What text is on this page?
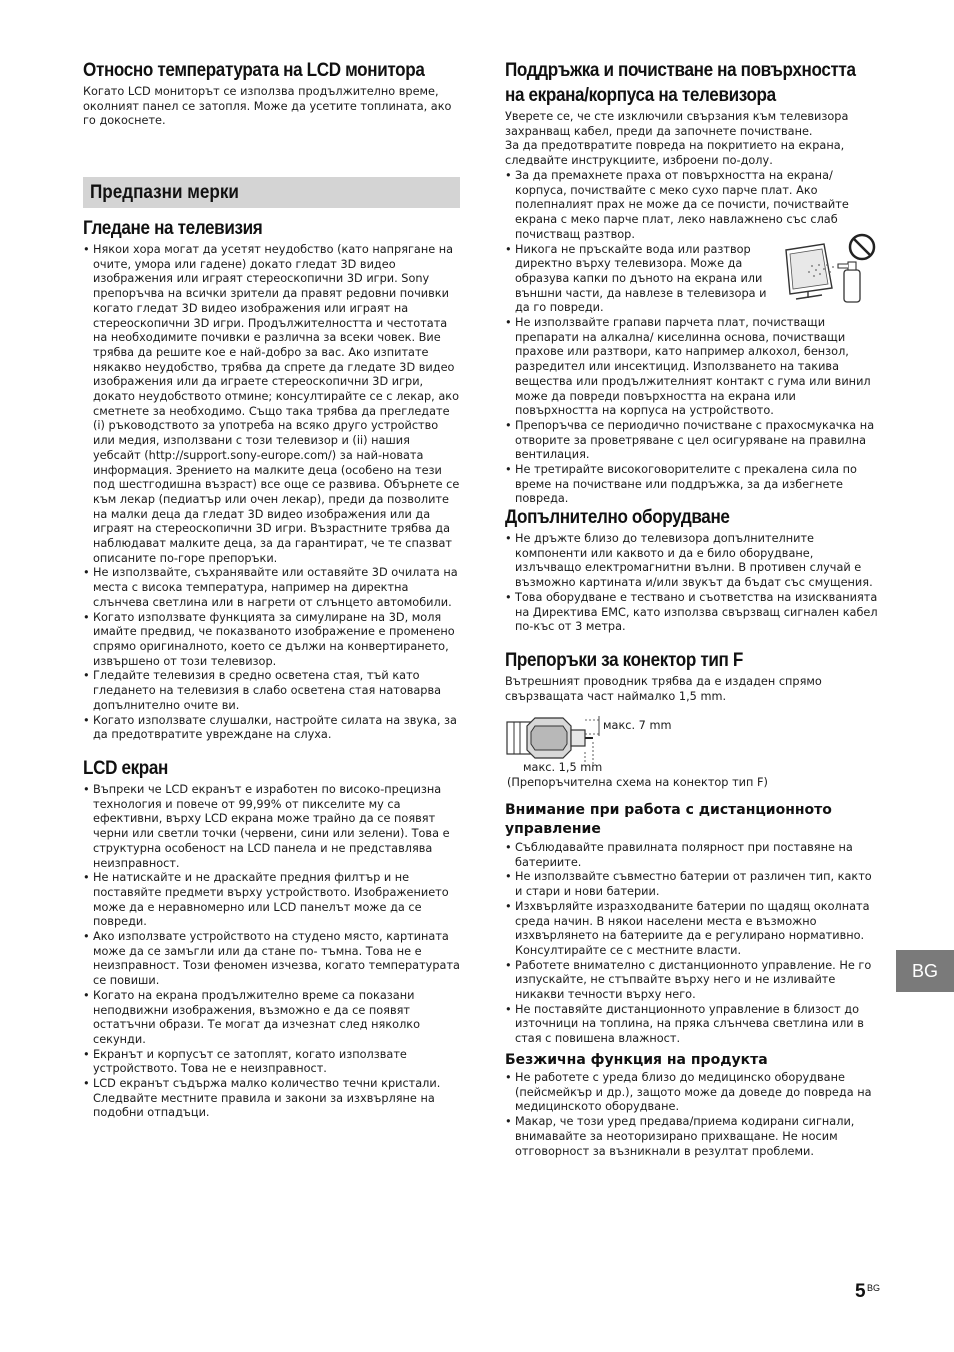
Относно температурата на LCD монитора

Когато LCD мониторът се използва продължително време, околният панел се затопля. Може да усетите топлината, ако го докоснете.

Предпазни мерки
Гледане на телевизия
• Някои хора могат да усетят неудобство (като напрягане на очите, умора или гадене) докато гледат 3D видео изображения или играят стереоскопични 3D игри. Sony препоръчва на всички зрители да правят редовни почивки когато гледат 3D видео изображения или играят на стереоскопични 3D игри. Продължителността и честотата на необходимите почивки е различна за всеки човек. Вие трябва да решите кое е най-добро за вас. Ако изпитате някакво неудобство, трябва да спрете да гледате 3D видео изображения или да играете стереоскопични 3D игри, докато неудобството отмине; консултирайте се с лекар, ако сметнете за необходимо. Също така трябва да прегледате (i) ръководството за употреба на всяко друго устройство или медия, използвани с този телевизор и (ii) нашия уебсайт (http://support.sony-europe.com/) за най-новата информация. Зрението на малките деца (особено на тези под шестгодишна възраст) все още се развива. Обърнете се към лекар (педиатър или очен лекар), преди да позволите на малки деца да гледат 3D видео изображения или да играят на стереоскопични 3D игри. Възрастните трябва да наблюдават малките деца, за да гарантират, че те спазват описаните по-горе препоръки.
• Не използвайте, съхранявайте или оставяйте 3D очилата на места с висока температура, например на директна слънчева светлина или в нагрети от слънцето автомобили.
• Когато използвате функцията за симулиране на 3D, моля имайте предвид, че показваното изображение е променено спрямо оригиналното, което се дължи на конвертирането, извършено от този телевизор.
• Гледайте телевизия в средно осветена стая, тъй като гледането на телевизия в слабо осветена стая натоварва допълнително очите ви.
• Когато използвате слушалки, настройте силата на звука, за да предотвратите увреждане на слуха.
LCD екран
• Въпреки че LCD екранът е изработен по високо-прецизна технология и повече от 99,99% от пикселите му са ефективни, върху LCD екрана може трайно да се появят черни или светли точки (червени, сини или зелени). Това е структурна особеност на LCD панела и не представлява неизправност.
• Не натискайте и не драскайте предния филтър и не поставяйте предмети върху устройството. Изображението може да е неравномерно или LCD панелът може да се повреди.
• Ако използвате устройството на студено място, картината може да се замъгли или да стане по- тъмна. Това не е неизправност. Този феномен изчезва, когато температурата се повиши.
• Когато на екрана продължително време са показани неподвижни изображения, възможно е да се появят остатъчни образи. Те могат да изчезнат след няколко секунди.
• Екранът и корпусът се затоплят, когато използвате устройството. Това не е неизправност.
• LCD екранът съдържа малко количество течни кристали. Следвайте местните правила и закони за изхвърляне на подобни отпадъци.
Поддръжка и почистване на повърхността
на екрана/корпуса на телевизора

Уверете се, че сте изключили свързания към телевизора захранващ кабел, преди да започнете почистване.
За да предотвратите повреда на покритието на екрана, следвайте инструкциите, изброени по-долу.

• За да премахнете праха от повърхността на екрана/корпуса, почиствайте с меко сухо парче плат. Ако полепналият прах не може да се почисти, почиствайте екрана с меко парче плат, леко навлажнено със слаб почистващ разтвор.
• Никога не пръскайте вода или разтвор директно върху телевизора. Може да образува капки по дъното на екрана или външни части, да навлезе в телевизора и да го повреди.
• Не използвайте грапави парчета плат, почистващи препарати на алкална/ киселинна основа, почистващи прахове или разтвори, като например алкохол, бензол, разредител или инсектицид. Използването на такива вещества или продължителният контакт с гума или винил може да повреди повърхността на екрана или повърхността на корпуса на устройството.
• Препоръчва се периодично почистване с прахосмукачка на отворите за проветряване с цел осигуряване на правилна вентилация.
• Не третирайте високоговорителите с прекалена сила по време на почистване или поддръжка, за да избегнете повреда.
Допълнително оборудване
• Не дръжте близо до телевизора допълнителните компоненти или каквото и да е било оборудване, излъчващо електромагнитни вълни. В противен случай е възможно картината и/или звукът да бъдат със смущения.
• Това оборудване е тествано и съответства на изискванията на Директива EMC, като използва свързващ сигнален кабел по-къс от 3 метра.
Препоръки за конектор тип F

Вътрешният проводник трябва да е издаден спрямо свързващата част наймалко 1,5 mm.

макс. 7 mm
макс. 1,5 mm
(Препоръчителна схема на конектор тип F)
Внимание при работа с дистанционното
управление
• Съблюдавайте правилната полярност при поставяне на батериите.
• Не използвайте съвместно батерии от различен тип, както и стари и нови батерии.
• Изхвърляйте изразходваните батерии по щадящ околната среда начин. В някои населени места е възможно изхвърлянето на батериите да е регулирано нормативно. Консултирайте се с местните власти.
• Работете внимателно с дистанционното управление. Не го изпускайте, не стъпвайте върху него и не изливайте никакви течности върху него.
• Не поставяйте дистанционното управление в близост до източници на топлина, на пряка слънчева светлина или в стая с повишена влажност.
Безжична функция на продукта
• Не работете с уреда близо до медицинско оборудване (пейсмейкър и др.), защото може да доведе до повреда на медицинското оборудване.
• Макар, че този уред предава/приема кодирани сигнали, внимавайте за неоторизирано прихващане. Не носим отговорност за възникнали в резултат проблеми.
BG
5 BG
